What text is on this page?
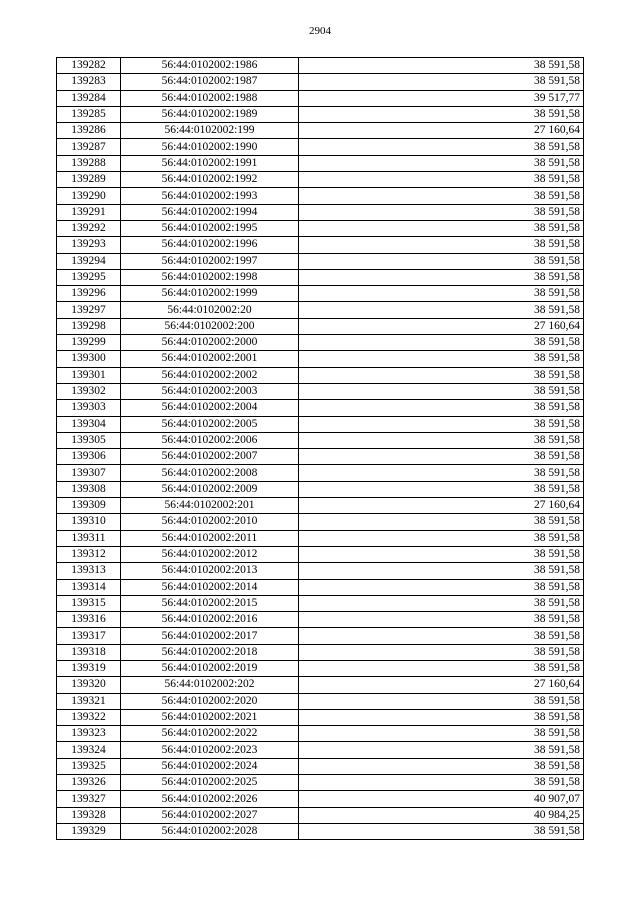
2904
139282	56:44:0102002:1986	38 591,58
139283	56:44:0102002:1987	38 591,58
139284	56:44:0102002:1988	39 517,77
139285	56:44:0102002:1989	38 591,58
139286	56:44:0102002:199	27 160,64
139287	56:44:0102002:1990	38 591,58
139288	56:44:0102002:1991	38 591,58
139289	56:44:0102002:1992	38 591,58
139290	56:44:0102002:1993	38 591,58
139291	56:44:0102002:1994	38 591,58
139292	56:44:0102002:1995	38 591,58
139293	56:44:0102002:1996	38 591,58
139294	56:44:0102002:1997	38 591,58
139295	56:44:0102002:1998	38 591,58
139296	56:44:0102002:1999	38 591,58
139297	56:44:0102002:20	38 591,58
139298	56:44:0102002:200	27 160,64
139299	56:44:0102002:2000	38 591,58
139300	56:44:0102002:2001	38 591,58
139301	56:44:0102002:2002	38 591,58
139302	56:44:0102002:2003	38 591,58
139303	56:44:0102002:2004	38 591,58
139304	56:44:0102002:2005	38 591,58
139305	56:44:0102002:2006	38 591,58
139306	56:44:0102002:2007	38 591,58
139307	56:44:0102002:2008	38 591,58
139308	56:44:0102002:2009	38 591,58
139309	56:44:0102002:201	27 160,64
139310	56:44:0102002:2010	38 591,58
139311	56:44:0102002:2011	38 591,58
139312	56:44:0102002:2012	38 591,58
139313	56:44:0102002:2013	38 591,58
139314	56:44:0102002:2014	38 591,58
139315	56:44:0102002:2015	38 591,58
139316	56:44:0102002:2016	38 591,58
139317	56:44:0102002:2017	38 591,58
139318	56:44:0102002:2018	38 591,58
139319	56:44:0102002:2019	38 591,58
139320	56:44:0102002:202	27 160,64
139321	56:44:0102002:2020	38 591,58
139322	56:44:0102002:2021	38 591,58
139323	56:44:0102002:2022	38 591,58
139324	56:44:0102002:2023	38 591,58
139325	56:44:0102002:2024	38 591,58
139326	56:44:0102002:2025	38 591,58
139327	56:44:0102002:2026	40 907,07
139328	56:44:0102002:2027	40 984,25
139329	56:44:0102002:2028	38 591,58
